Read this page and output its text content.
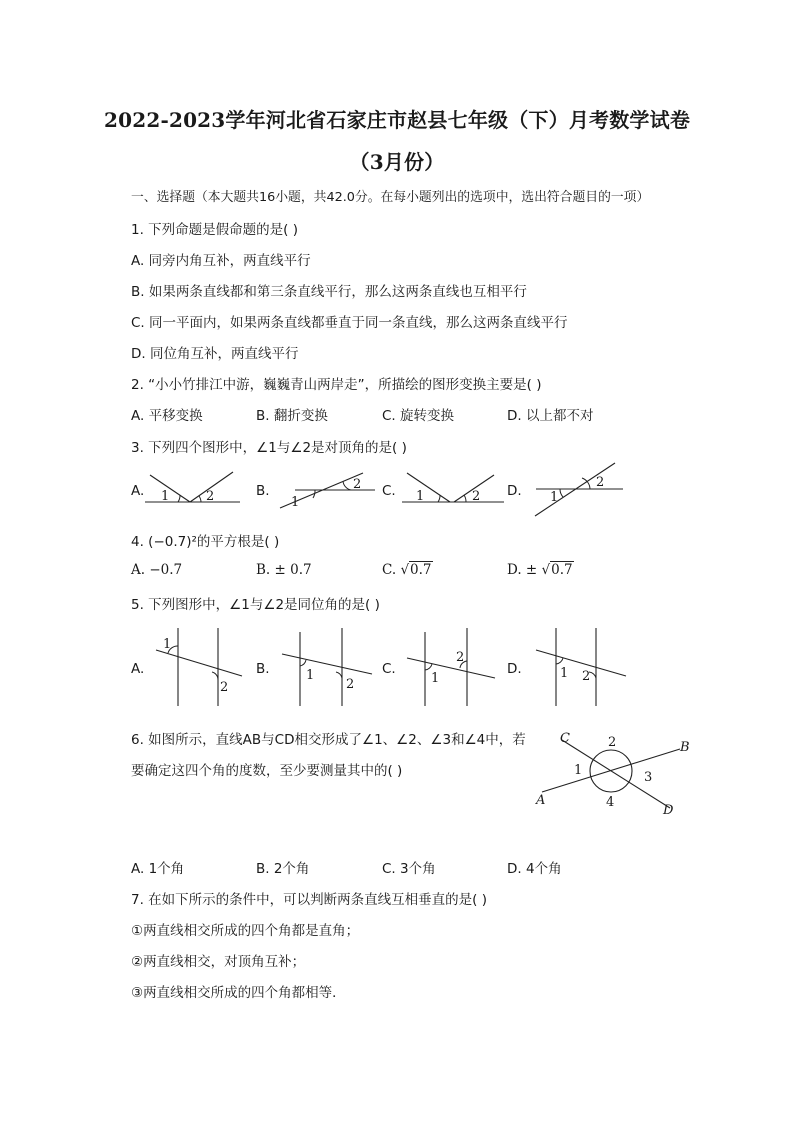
2022-2023学年河北省石家庄市赵县七年级（下）月考数学试卷
（3月份）
一、选择题（本大题共16小题，共42.0分。在每小题列出的选项中，选出符合题目的一项）
1. 下列命题是假命题的是( )
A. 同旁内角互补，两直线平行
B. 如果两条直线都和第三条直线平行，那么这两条直线也互相平行
C. 同一平面内，如果两条直线都垂直于同一条直线，那么这两条直线平行
D. 同位角互补，两直线平行
2. “小小竹排江中游，巍巍青山两岸走”，所描绘的图形变换主要是( )
A. 平移变换	B. 翻折变换	C. 旋转变换	D. 以上都不对
3. 下列四个图形中，∠1与∠2是对顶角的是( )
A.	B.	C.	D.
1	2	1
2
1	2	1
2
4. (−0.7)²的平方根是( )
A. −0.7	B. ± 0.7	C. √0.7	D. ± √0.7
5. 下列图形中，∠1与∠2是同位角的是( )
A.	B.	C.	D.
1
2
1
2	1
2
1 2
6. 如图所示，直线AB与CD相交形成了∠1、∠2、∠3和∠4中，若
要确定这四个角的度数，至少要测量其中的( )
C
B
A
D
1
2
3
4
A. 1个角	B. 2个角	C. 3个角	D. 4个角
7. 在如下所示的条件中，可以判断两条直线互相垂直的是( )
①两直线相交所成的四个角都是直角；
②两直线相交，对顶角互补；
③两直线相交所成的四个角都相等．
